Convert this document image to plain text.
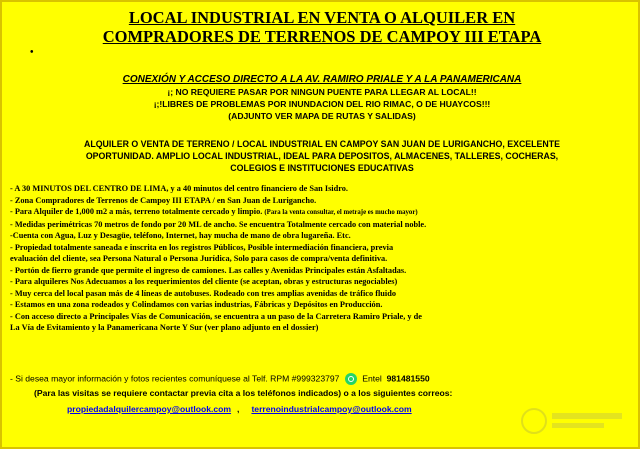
LOCAL INDUSTRIAL EN VENTA O ALQUILER EN
COMPRADORES DE TERRENOS DE CAMPOY III ETAPA
•
CONEXIÓN Y ACCESO DIRECTO A LA AV. RAMIRO PRIALE Y A LA PANAMERICANA
¡; NO REQUIERE PASAR POR NINGUN PUENTE PARA LLEGAR AL LOCAL!!
¡;!LIBRES DE PROBLEMAS POR INUNDACION DEL RIO RIMAC, O DE HUAYCOS!!!
(ADJUNTO VER MAPA DE RUTAS Y SALIDAS)
ALQUILER O VENTA DE TERRENO / LOCAL INDUSTRIAL EN CAMPOY SAN JUAN DE LURIGANCHO, EXCELENTE
OPORTUNIDAD. AMPLIO LOCAL INDUSTRIAL, IDEAL PARA DEPOSITOS, ALMACENES, TALLERES, COCHERAS,
COLEGIOS E INSTITUCIONES EDUCATIVAS
- A 30 MINUTOS DEL CENTRO DE LIMA, y a 40 minutos del centro financiero de San Isidro.
- Zona Compradores de Terrenos de Campoy III ETAPA / en San Juan de Lurigancho.
- Para Alquiler de 1,000 m2 a más, terreno totalmente cercado y limpio. (Para la venta consultar, el metraje es mucho mayor)
- Medidas perimétricas 70 metros de fondo por 20 ML de ancho. Se encuentra Totalmente cercado con material noble.
-Cuenta con Agua, Luz y Desagüe, teléfono, Internet, hay mucha de mano de obra lugareña. Etc.
- Propiedad totalmente saneada e inscrita en los registros Públicos, Posible intermediación financiera, previa
evaluación del cliente, sea Persona Natural o Persona Jurídica, Solo para casos de compra/venta definitiva.
- Portón de fierro grande que permite el ingreso de camiones. Las calles y Avenidas Principales están Asfaltadas.
- Para alquileres Nos Adecuamos a los requerimientos del cliente (se aceptan, obras y estructuras negociables)
- Muy cerca del local pasan más de 4 líneas de autobuses. Rodeado con tres amplias avenidas de tráfico fluido
- Estamos en una zona rodeados y Colindamos con varias industrias, Fábricas y Depósitos en Producción.
- Con acceso directo a Principales Vías de Comunicación, se encuentra a un paso de la Carretera Ramiro Priale, y de
La Vía de Evitamiento y la Panamericana Norte Y Sur (ver plano adjunto en el dossier)
- Si desea mayor información y fotos recientes comuníquese al Telf. RPM #999323797	Entel 981481550
(Para las visitas se requiere contactar previa cita a los teléfonos indicados) o a los siguientes correos:
propiedadalquilercampoy@outlook.com , terrenoindustrialcampoy@outlook.com
